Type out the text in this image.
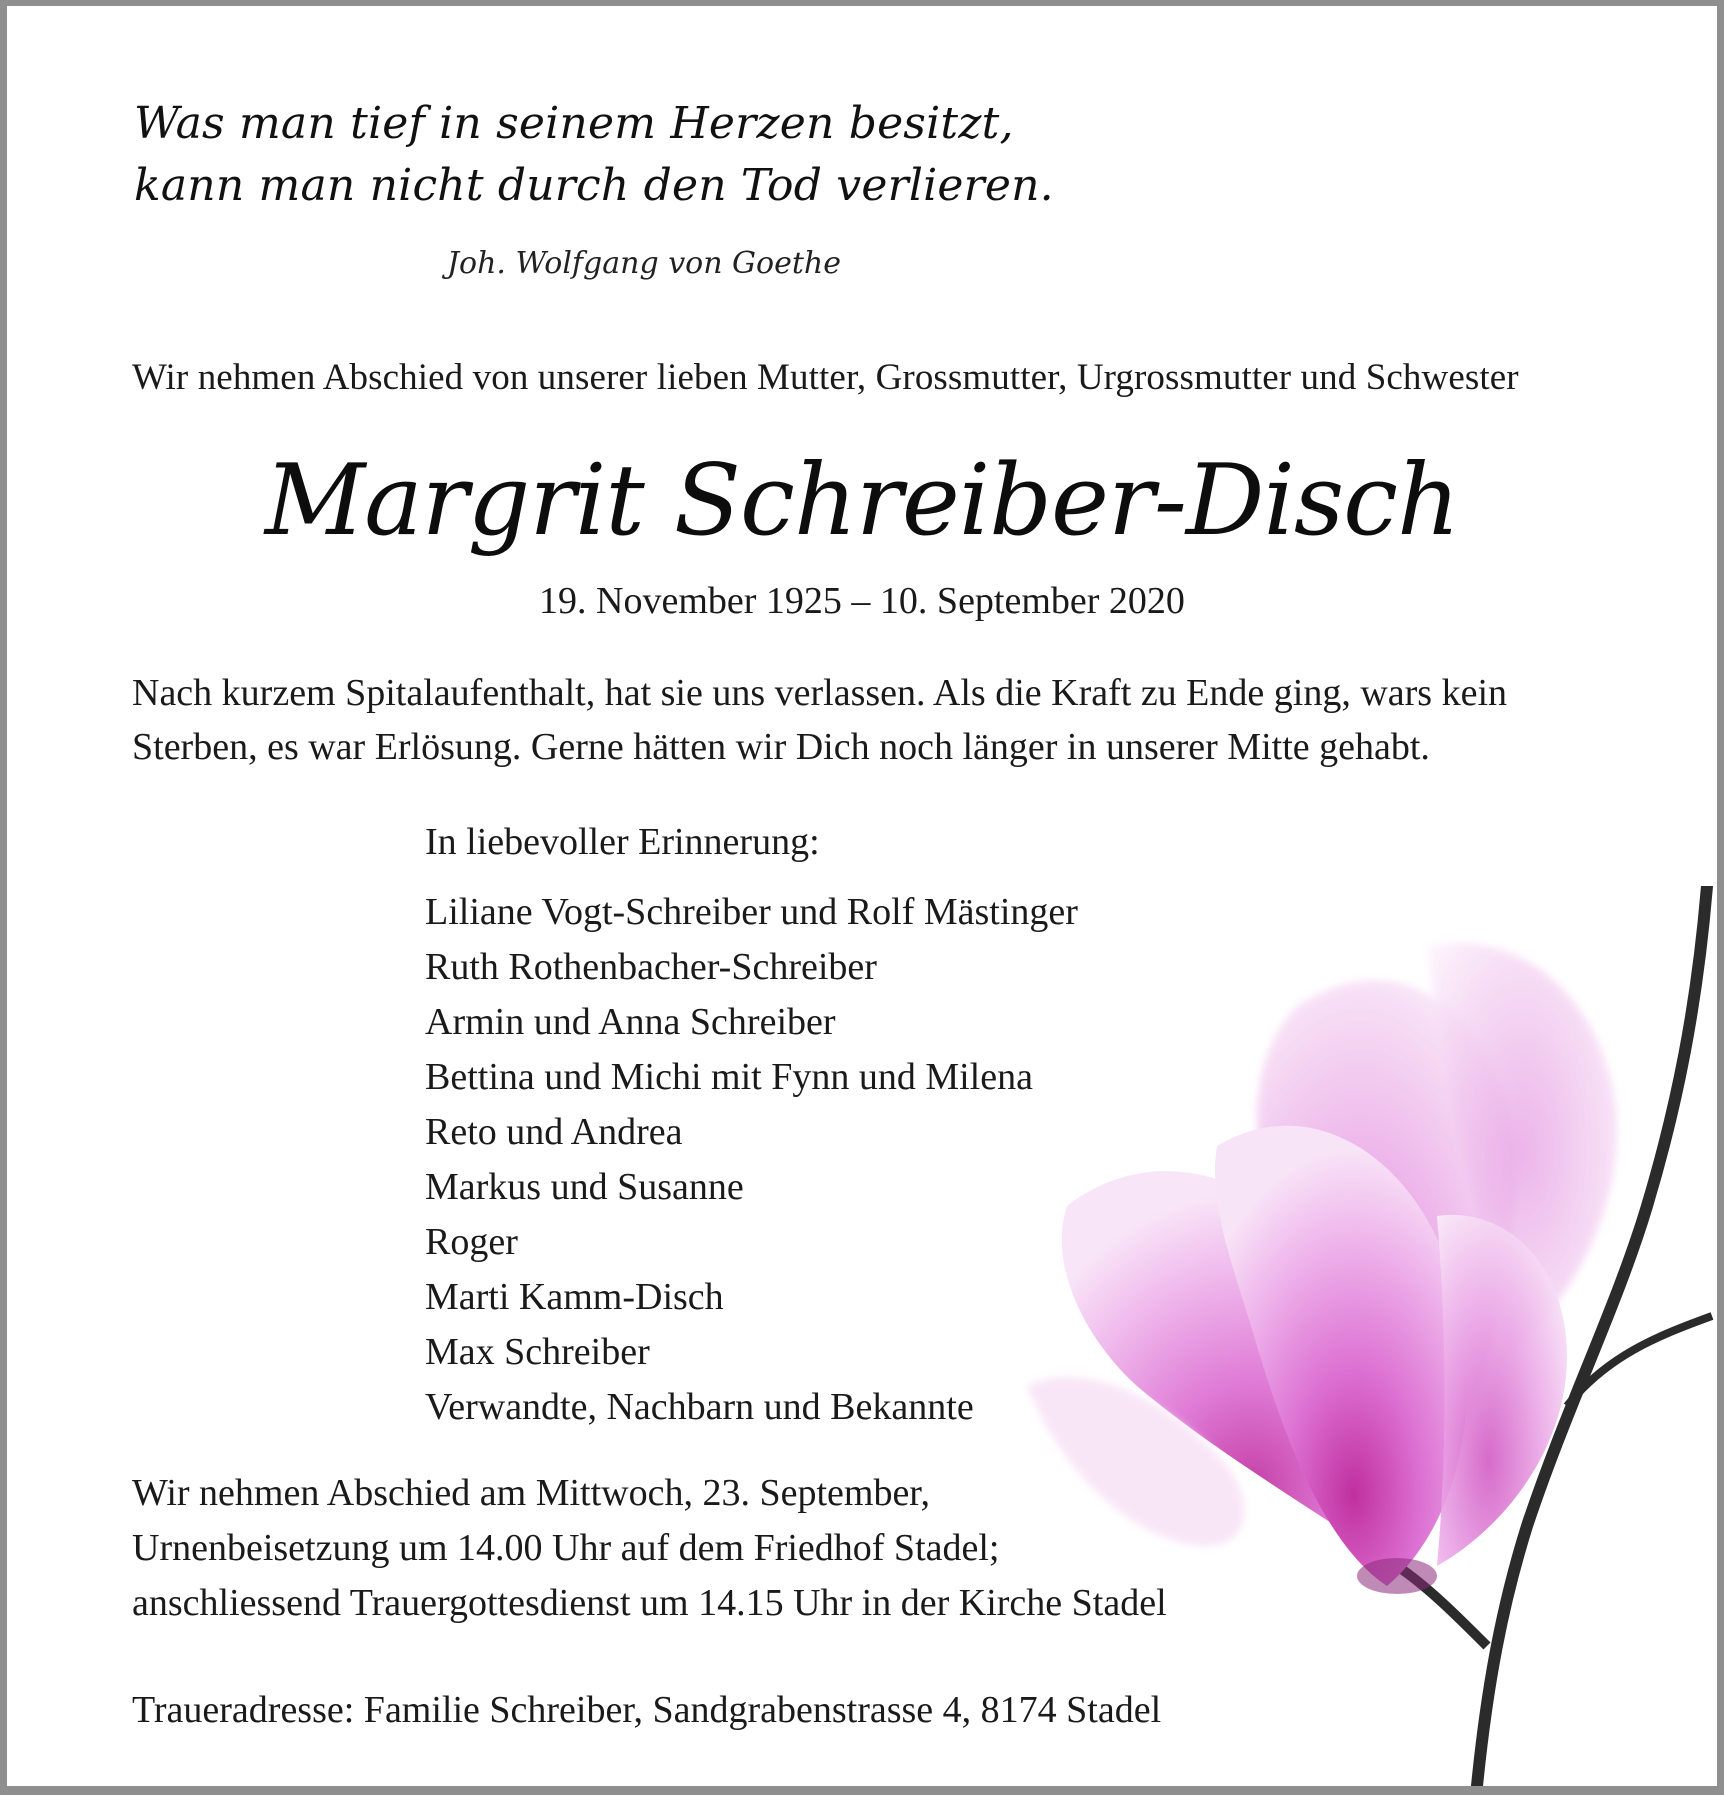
Was man tief in seinem Herzen besitzt,
kann man nicht durch den Tod verlieren.
Joh. Wolfgang von Goethe
Wir nehmen Abschied von unserer lieben Mutter, Grossmutter, Urgrossmutter und Schwester
Margrit Schreiber-Disch
19. November 1925 – 10. September 2020
Nach kurzem Spitalaufenthalt, hat sie uns verlassen. Als die Kraft zu Ende ging, wars kein
Sterben, es war Erlösung. Gerne hätten wir Dich noch länger in unserer Mitte gehabt.
In liebevoller Erinnerung:
Liliane Vogt-Schreiber und Rolf Mästinger
Ruth Rothenbacher-Schreiber
Armin und Anna Schreiber
Bettina und Michi mit Fynn und Milena
Reto und Andrea
Markus und Susanne
Roger
Marti Kamm-Disch
Max Schreiber
Verwandte, Nachbarn und Bekannte
Wir nehmen Abschied am Mittwoch, 23. September,
Urnenbeisetzung um 14.00 Uhr auf dem Friedhof Stadel;
anschliessend Trauergottesdienst um 14.15 Uhr in der Kirche Stadel
Traueradresse: Familie Schreiber, Sandgrabenstrasse 4, 8174 Stadel
